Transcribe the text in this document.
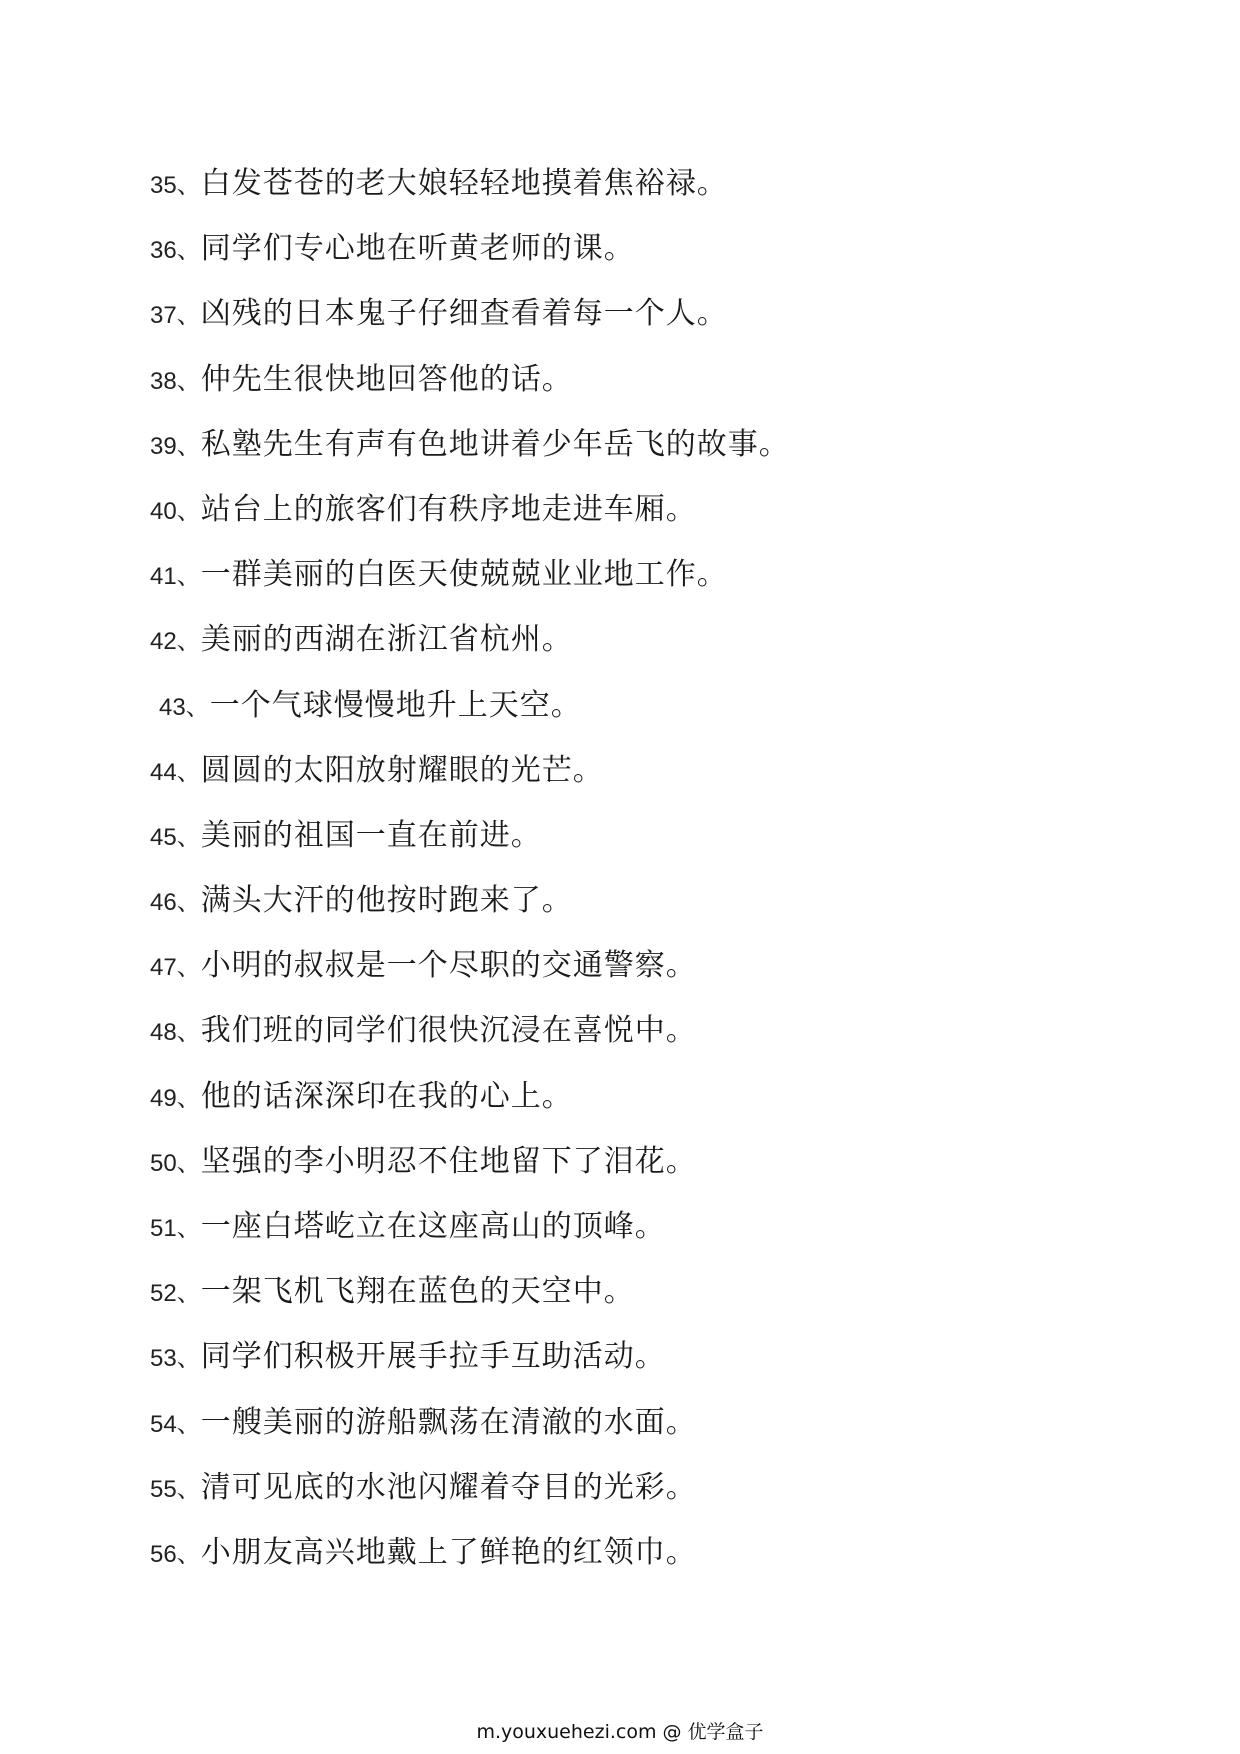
35、白发苍苍的老大娘轻轻地摸着焦裕禄。
36、同学们专心地在听黄老师的课。
37、凶残的日本鬼子仔细查看着每一个人。
38、仲先生很快地回答他的话。
39、私塾先生有声有色地讲着少年岳飞的故事。
40、站台上的旅客们有秩序地走进车厢。
41、一群美丽的白医天使兢兢业业地工作。
42、美丽的西湖在浙江省杭州。
43、一个气球慢慢地升上天空。
44、圆圆的太阳放射耀眼的光芒。
45、美丽的祖国一直在前进。
46、满头大汗的他按时跑来了。
47、小明的叔叔是一个尽职的交通警察。
48、我们班的同学们很快沉浸在喜悦中。
49、他的话深深印在我的心上。
50、坚强的李小明忍不住地留下了泪花。
51、一座白塔屹立在这座高山的顶峰。
52、一架飞机飞翔在蓝色的天空中。
53、同学们积极开展手拉手互助活动。
54、一艘美丽的游船飘荡在清澈的水面。
55、清可见底的水池闪耀着夺目的光彩。
56、小朋友高兴地戴上了鲜艳的红领巾。
m.youxuehezi.com @ 优学盒子
